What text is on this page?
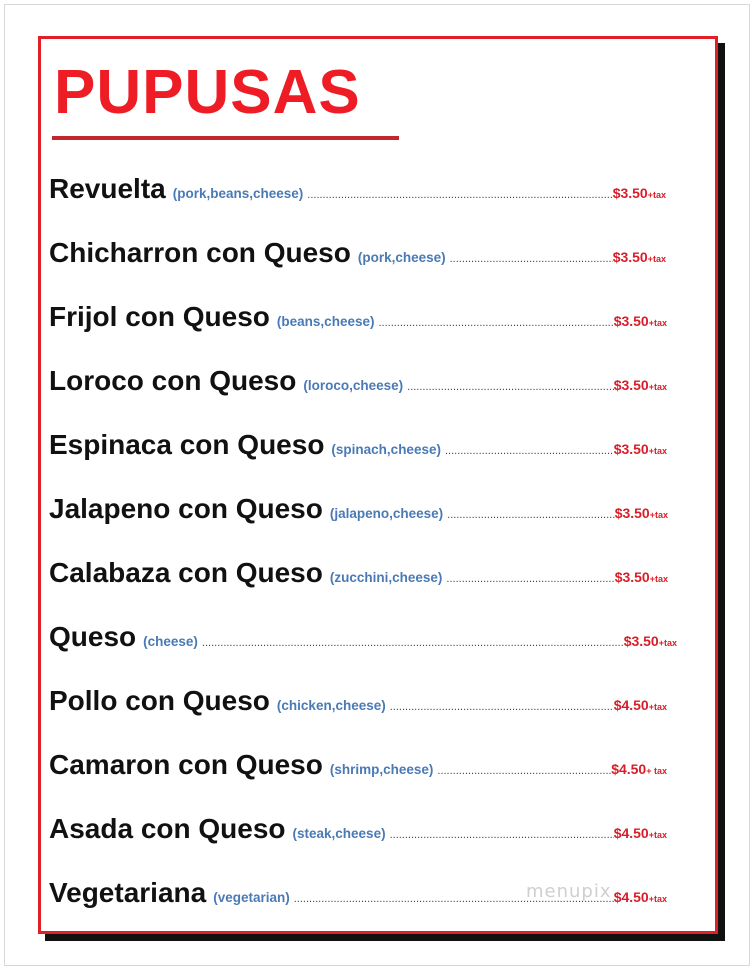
PUPUSAS
Revuelta (pork,beans,cheese) .....	$3.50 +tax
Chicharron con Queso (pork,cheese) .....	$3.50 +tax
Frijol con Queso (beans,cheese) .....	$3.50 +tax
Loroco con Queso (loroco,cheese) .....	$3.50 +tax
Espinaca con Queso (spinach,cheese) .....	$3.50 +tax
Jalapeno con Queso (jalapeno,cheese) .....	$3.50 +tax
Calabaza con Queso (zucchini,cheese) .....	$3.50 +tax
Queso (cheese) .....	$3.50 +tax
Pollo con Queso (chicken,cheese) .....	$4.50 +tax
Camaron con Queso (shrimp,cheese) .....	$4.50 + tax
Asada con Queso (steak,cheese) .....	$4.50 +tax
Vegetariana (vegetarian) .....	$4.50 +tax
menupix
